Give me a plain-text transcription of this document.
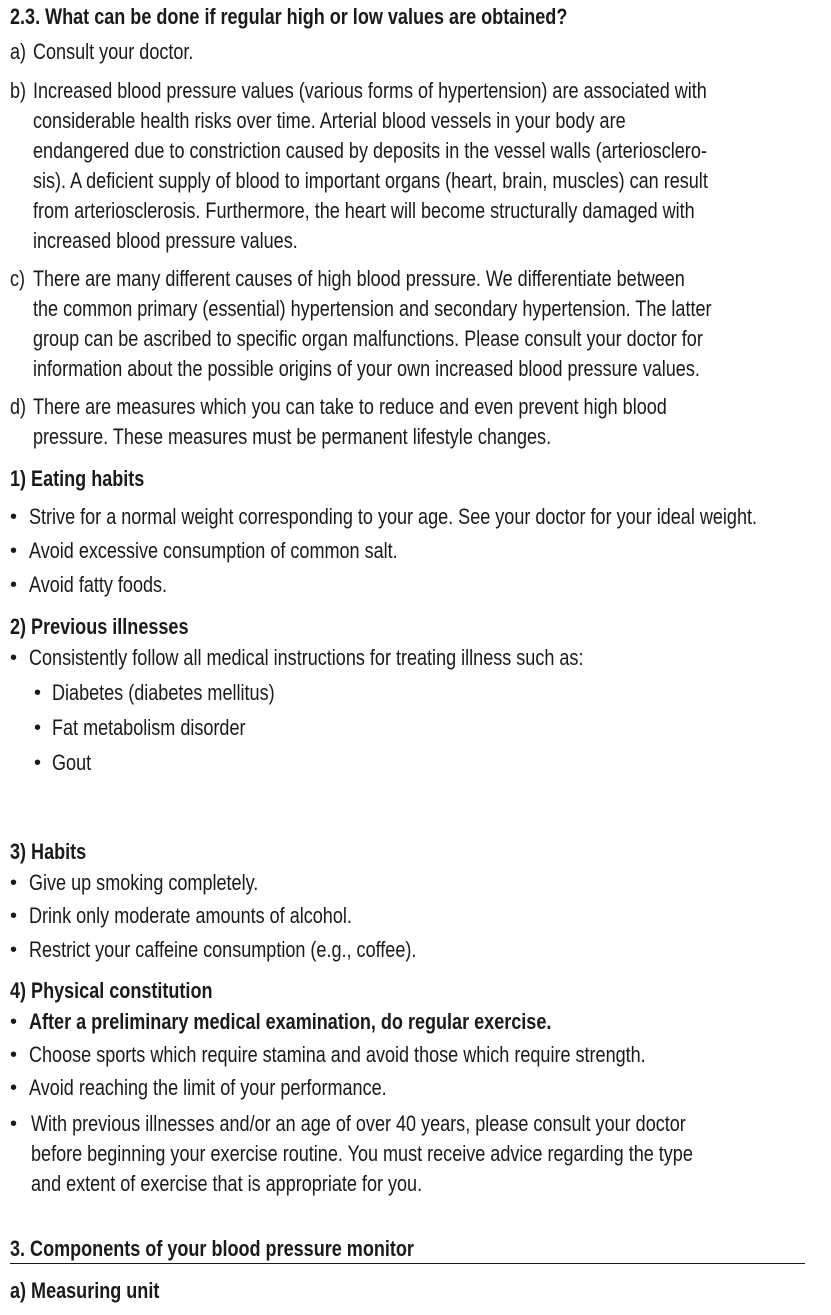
2.3. What can be done if regular high or low values are obtained?
a) Consult your doctor.
b) Increased blood pressure values (various forms of hypertension) are associated with
considerable health risks over time. Arterial blood vessels in your body are
endangered due to constriction caused by deposits in the vessel walls (arteriosclero-
sis). A deficient supply of blood to important organs (heart, brain, muscles) can result
from arteriosclerosis. Furthermore, the heart will become structurally damaged with
increased blood pressure values.
c) There are many different causes of high blood pressure. We differentiate between
the common primary (essential) hypertension and secondary hypertension. The latter
group can be ascribed to specific organ malfunctions. Please consult your doctor for
information about the possible origins of your own increased blood pressure values.
d) There are measures which you can take to reduce and even prevent high blood
pressure. These measures must be permanent lifestyle changes.
1) Eating habits
• Strive for a normal weight corresponding to your age. See your doctor for your ideal weight.
• Avoid excessive consumption of common salt.
• Avoid fatty foods.
2) Previous illnesses
• Consistently follow all medical instructions for treating illness such as:
• Diabetes (diabetes mellitus)
• Fat metabolism disorder
• Gout
3) Habits
• Give up smoking completely.
• Drink only moderate amounts of alcohol.
• Restrict your caffeine consumption (e.g., coffee).
4) Physical constitution
• After a preliminary medical examination, do regular exercise.
• Choose sports which require stamina and avoid those which require strength.
• Avoid reaching the limit of your performance.
• With previous illnesses and/or an age of over 40 years, please consult your doctor
before beginning your exercise routine. You must receive advice regarding the type
and extent of exercise that is appropriate for you.
3. Components of your blood pressure monitor
a) Measuring unit
